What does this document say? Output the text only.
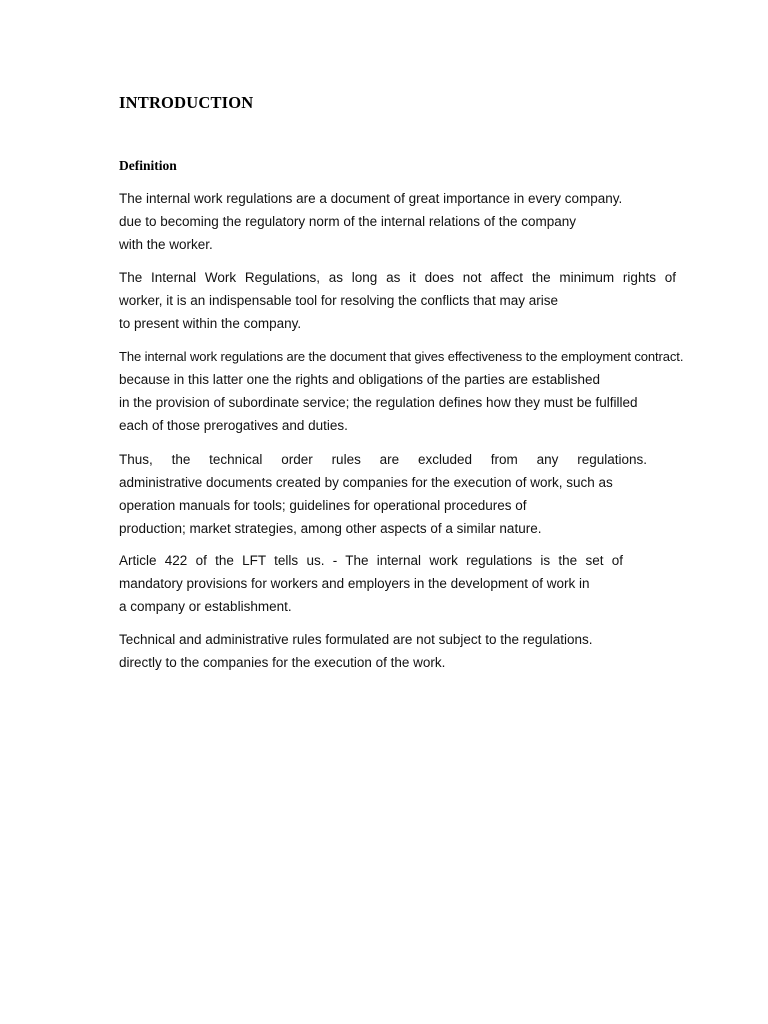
INTRODUCTION
Definition

The internal work regulations are a document of great importance in every company.
due to becoming the regulatory norm of the internal relations of the company
with the worker.

The Internal Work Regulations, as long as it does not affect the minimum rights of
worker, it is an indispensable tool for resolving the conflicts that may arise
to present within the company.

The internal work regulations are the document that gives effectiveness to the employment contract.
because in this latter one the rights and obligations of the parties are established
in the provision of subordinate service; the regulation defines how they must be fulfilled
each of those prerogatives and duties.

Thus, the technical order rules are excluded from any regulations.
administrative documents created by companies for the execution of work, such as
operation manuals for tools; guidelines for operational procedures of
production; market strategies, among other aspects of a similar nature.

Article 422 of the LFT tells us. - The internal work regulations is the set of
mandatory provisions for workers and employers in the development of work in
a company or establishment.

Technical and administrative rules formulated are not subject to the regulations.
directly to the companies for the execution of the work.
